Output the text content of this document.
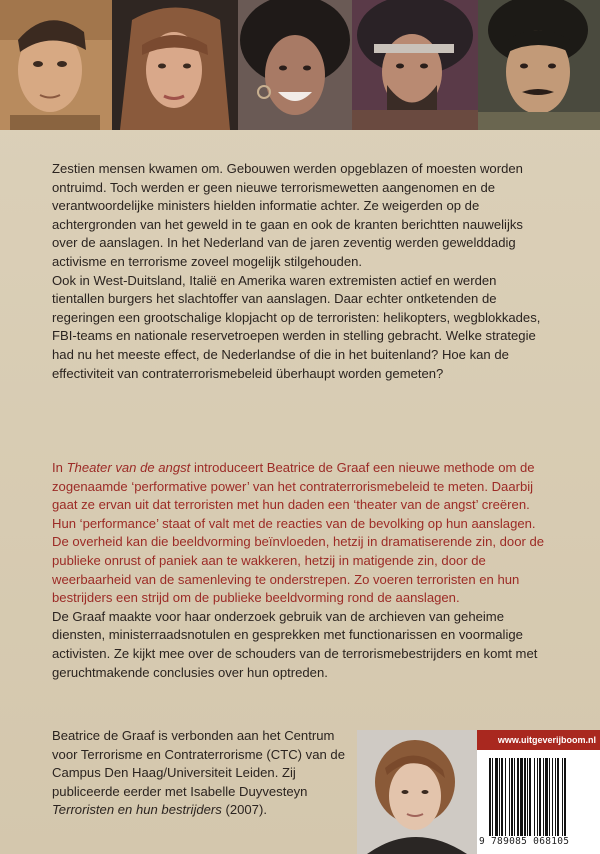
Zestien mensen kwamen om. Gebouwen werden opgeblazen of moesten worden ontruimd. Toch werden er geen nieuwe terrorismewetten aangenomen en de verantwoordelijke ministers hielden informatie achter. Ze weigerden op de achtergronden van het geweld in te gaan en ook de kranten berichtten nauwelijks over de aanslagen. In het Nederland van de jaren zeventig werden gewelddadig activisme en terrorisme zoveel mogelijk stilgehouden.

Ook in West-Duitsland, Italië en Amerika waren extremisten actief en werden tientallen burgers het slachtoffer van aanslagen. Daar echter ontketenden de regeringen een grootschalige klopjacht op de terroristen: helikopters, wegblokkades, FBI-teams en nationale reservetroepen werden in stelling gebracht. Welke strategie had nu het meeste effect, de Nederlandse of die in het buitenland? Hoe kan de effectiviteit van contraterrorismebeleid überhaupt worden gemeten?

In Theater van de angst introduceert Beatrice de Graaf een nieuwe methode om de zogenaamde ‘performative power’ van het contraterrorismebeleid te meten. Daarbij gaat ze ervan uit dat terroristen met hun daden een ‘theater van de angst’ creëren. Hun ‘performance’ staat of valt met de reacties van de bevolking op hun aanslagen. De overheid kan die beeldvorming beïnvloeden, hetzij in dramatiserende zin, door de publieke onrust of paniek aan te wakkeren, hetzij in matigende zin, door de weerbaarheid van de samenleving te onderstrepen. Zo voeren terroristen en hun bestrijders een strijd om de publieke beeldvorming rond de aanslagen.

De Graaf maakte voor haar onderzoek gebruik van de archieven van geheime diensten, ministerraadsnotulen en gesprekken met functionarissen en voormalige activisten. Ze kijkt mee over de schouders van de terrorismebestrijders en komt met geruchtmakende conclusies over hun optreden.

Beatrice de Graaf is verbonden aan het Centrum voor Terrorisme en Contraterrorisme (CTC) van de Campus Den Haag/Universiteit Leiden. Zij publiceerde eerder met Isabelle Duyvesteyn Terroristen en hun bestrijders (2007).
www.uitgeverijboom.nl
9 789085 068105
